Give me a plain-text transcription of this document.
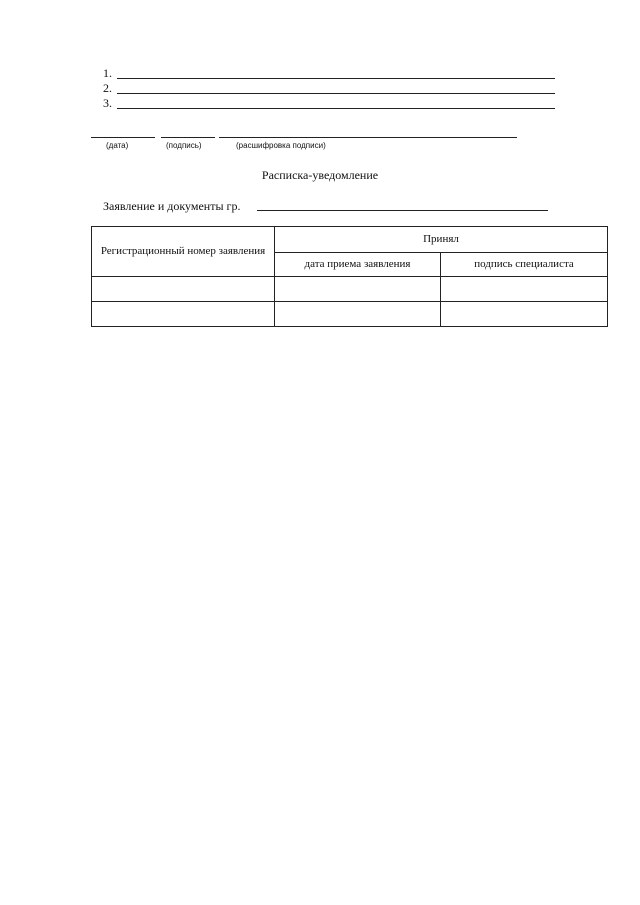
1.
2.
3.
(дата)	(подпись)	(расшифровка подписи)
Расписка-уведомление
Заявление и документы гр.
Регистрационный номер заявления	Принял	
	дата приема заявления	подпись специалиста
